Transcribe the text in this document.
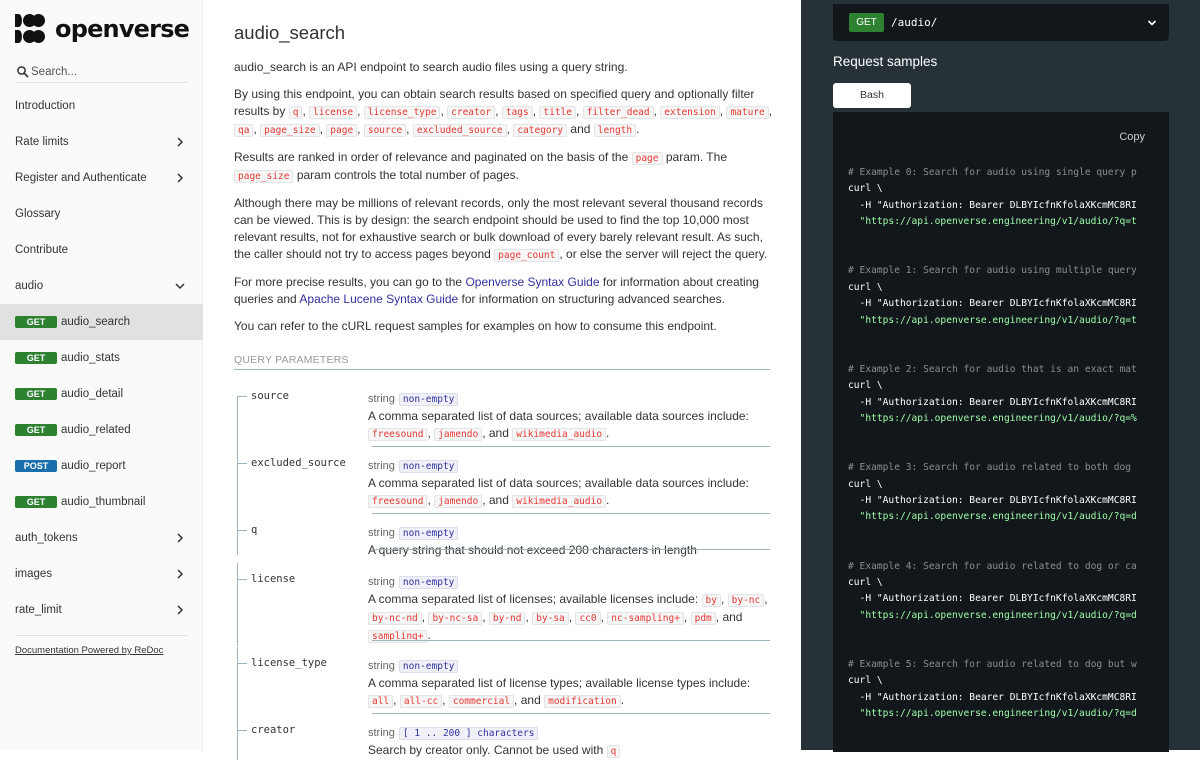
openverse
Search...
Introduction
Rate limits
Register and Authenticate
Glossary
Contribute
audio
GET	audio_search
GET	audio_stats
GET	audio_detail
GET	audio_related
POST	audio_report
GET	audio_thumbnail
auth_tokens
images
rate_limit
Documentation Powered by ReDoc
audio_search

audio_search is an API endpoint to search audio files using a query string.

By using this endpoint, you can obtain search results based on specified query and optionally filter results by q , license , license_type , creator , tags , title , filter_dead , extension , mature , qa , page_size , page , source , excluded_source , category and length .

Results are ranked in order of relevance and paginated on the basis of the page param. The page_size param controls the total number of pages.

Although there may be millions of relevant records, only the most relevant several thousand records can be viewed. This is by design: the search endpoint should be used to find the top 10,000 most relevant results, not for exhaustive search or bulk download of every barely relevant result. As such, the caller should not try to access pages beyond page_count , or else the server will reject the query.

For more precise results, you can go to the Openverse Syntax Guide for information about creating queries and Apache Lucene Syntax Guide for information on structuring advanced searches.

You can refer to the cURL request samples for examples on how to consume this endpoint.

QUERY PARAMETERS
source	string non-empty
A comma separated list of data sources; available data sources include: freesound , jamendo , and wikimedia_audio .
excluded_source string non-empty
A comma separated list of data sources; available data sources include: freesound , jamendo , and wikimedia_audio .
q	string non-empty
A query string that should not exceed 200 characters in length
license	string non-empty
A comma separated list of licenses; available licenses include: by , by-nc , by-nc-nd , by-nc-sa , by-nd , by-sa , cc0 , nc-sampling+ , pdm , and sampling+ .
license_type	string non-empty
A comma separated list of license types; available license types include: all , all-cc , commercial , and modification .
creator	string [ 1 .. 200 ] characters
Search by creator only. Cannot be used with q
GET	/audio/
Request samples
Bash
Copy
# Example 0: Search for audio using single query p
curl \
-H "Authorization: Bearer DLBYIcfnKfolaXKcmMC8RI
"https://api.openverse.engineering/v1/audio/?q=t
# Example 1: Search for audio using multiple query
curl \
-H "Authorization: Bearer DLBYIcfnKfolaXKcmMC8RI
"https://api.openverse.engineering/v1/audio/?q=t
# Example 2: Search for audio that is an exact mat
curl \
-H "Authorization: Bearer DLBYIcfnKfolaXKcmMC8RI
"https://api.openverse.engineering/v1/audio/?q=%
# Example 3: Search for audio related to both dog
curl \
-H "Authorization: Bearer DLBYIcfnKfolaXKcmMC8RI
"https://api.openverse.engineering/v1/audio/?q=d
# Example 4: Search for audio related to dog or ca
curl \
-H "Authorization: Bearer DLBYIcfnKfolaXKcmMC8RI
"https://api.openverse.engineering/v1/audio/?q=d
# Example 5: Search for audio related to dog but w
curl \
-H "Authorization: Bearer DLBYIcfnKfolaXKcmMC8RI
"https://api.openverse.engineering/v1/audio/?q=d
